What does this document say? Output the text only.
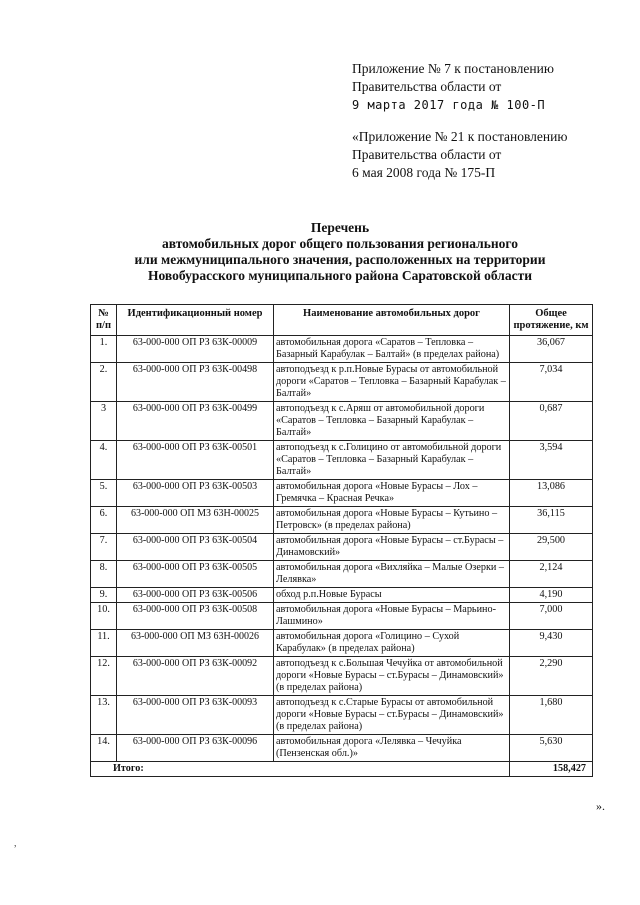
Приложение № 7 к постановлению
Правительства области от
9 марта 2017 года № 100-П
«Приложение № 21 к постановлению
Правительства области от
6 мая 2008 года № 175-П
Перечень
автомобильных дорог общего пользования регионального
или межмуниципального значения, расположенных на территории
Новобурасского муниципального района Саратовской области
№ п/п	Идентификационный номер	Наименование автомобильных дорог	Общее протяжение, км
1.	63-000-000 ОП РЗ 63К-00009	автомобильная дорога «Саратов – Тепловка – Базарный Карабулак – Балтай» (в пределах района)	36,067
2.	63-000-000 ОП РЗ 63К-00498	автоподъезд к р.п.Новые Бурасы от автомобильной дороги «Саратов – Тепловка – Базарный Карабулак – Балтай»	7,034
3	63-000-000 ОП РЗ 63К-00499	автоподъезд к с.Аряш от автомобильной дороги «Саратов – Тепловка – Базарный Карабулак – Балтай»	0,687
4.	63-000-000 ОП РЗ 63К-00501	автоподъезд к с.Голицино от автомобильной дороги «Саратов – Тепловка – Базарный Карабулак – Балтай»	3,594
5.	63-000-000 ОП РЗ 63К-00503	автомобильная дорога «Новые Бурасы – Лох – Гремячка – Красная Речка»	13,086
6.	63-000-000 ОП МЗ 63Н-00025	автомобильная дорога «Новые Бурасы – Кутьино – Петровск» (в пределах района)	36,115
7.	63-000-000 ОП РЗ 63К-00504	автомобильная дорога «Новые Бурасы – ст.Бурасы – Динамовский»	29,500
8.	63-000-000 ОП РЗ 63К-00505	автомобильная дорога «Вихляйка – Малые Озерки – Лелявка»	2,124
9.	63-000-000 ОП РЗ 63К-00506	обход р.п.Новые Бурасы	4,190
10.	63-000-000 ОП РЗ 63К-00508	автомобильная дорога «Новые Бурасы – Марьино-Лашмино»	7,000
11.	63-000-000 ОП МЗ 63Н-00026	автомобильная дорога «Голицино – Сухой Карабулак» (в пределах района)	9,430
12.	63-000-000 ОП РЗ 63К-00092	автоподъезд к с.Большая Чечуйка от автомобильной дороги «Новые Бурасы – ст.Бурасы – Динамовский» (в пределах района)	2,290
13.	63-000-000 ОП РЗ 63К-00093	автоподъезд к с.Старые Бурасы от автомобильной дороги «Новые Бурасы – ст.Бурасы – Динамовский» (в пределах района)	1,680
14.	63-000-000 ОП РЗ 63К-00096	автомобильная дорога «Лелявка – Чечуйка (Пензенская обл.)»	5,630
Итого:			158,427
».
,
